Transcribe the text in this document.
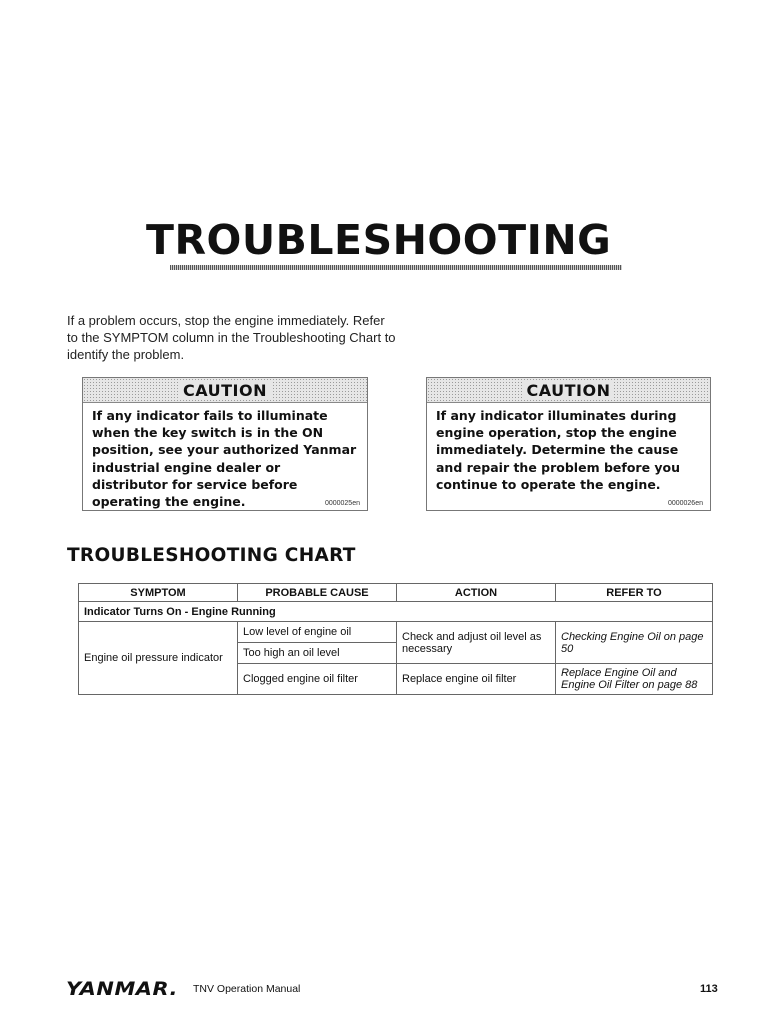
TROUBLESHOOTING
If a problem occurs, stop the engine immediately. Refer to the SYMPTOM column in the Troubleshooting Chart to identify the problem.
CAUTION
If any indicator fails to illuminate when the key switch is in the ON position, see your authorized Yanmar industrial engine dealer or distributor for service before operating the engine.	0000025en
CAUTION
If any indicator illuminates during engine operation, stop the engine immediately. Determine the cause and repair the problem before you continue to operate the engine.
0000026en
TROUBLESHOOTING CHART
SYMPTOM	PROBABLE CAUSE	ACTION	REFER TO
Indicator Turns On - Engine Running			
Engine oil pressure indicator	Low level of engine oil	Check and adjust oil level as necessary	Checking Engine Oil on page 50
	Too high an oil level		
	Clogged engine oil filter	Replace engine oil filter	Replace Engine Oil and Engine Oil Filter on page 88
YANMAR. TNV Operation Manual	113
